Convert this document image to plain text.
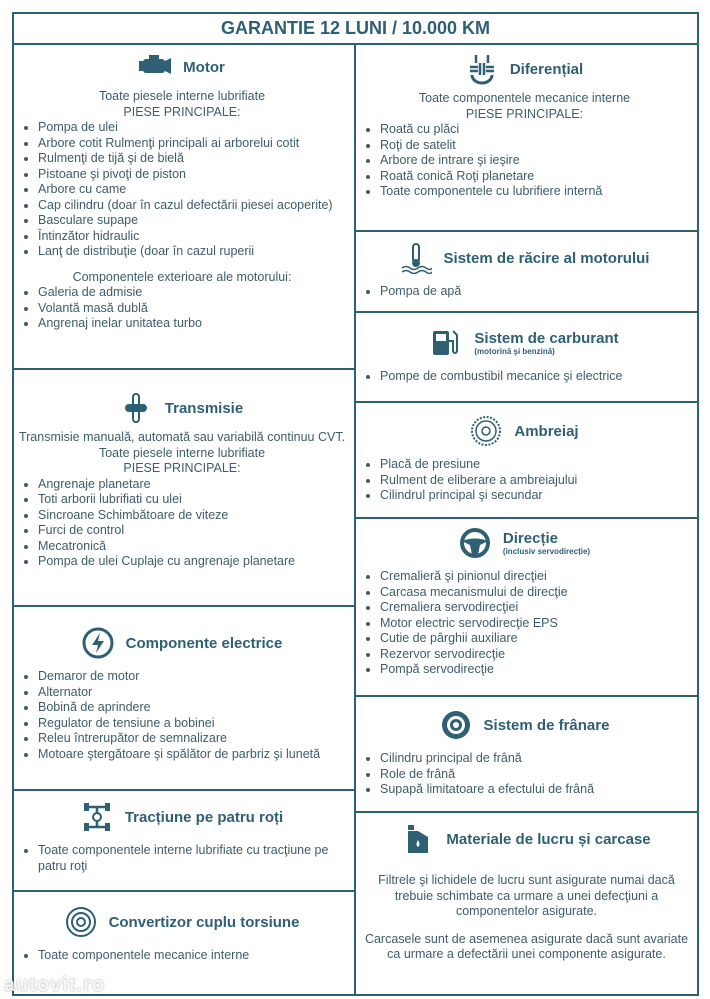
GARANTIE 12 LUNI / 10.000 KM
Motor
Toate piesele interne lubrifiate
PIESE PRINCIPALE:
• Pompa de ulei
• Arbore cotit Rulmenţi principali ai arborelui cotit
• Rulmenţi de tijă şi de bielă
• Pistoane şi pivoţi de piston
• Arbore cu came
• Cap cilindru (doar în cazul defectării piesei acoperite)
• Basculare supape
• Întinzător hidraulic
• Lanţ de distribuţie (doar în cazul ruperii
Componentele exterioare ale motorului:
• Galeria de admisie
• Volantă masă dublă
• Angrenaj inelar unitatea turbo
Transmisie
Transmisie manuală, automată sau variabilă continuu CVT.
Toate piesele interne lubrifiate
PIESE PRINCIPALE:
• Angrenaje planetare
• Toti arborii lubrifiati cu ulei
• Sincroane Schimbătoare de viteze
• Furci de control
• Mecatronică
• Pompa de ulei Cuplaje cu angrenaje planetare
Componente electrice
• Demaror de motor
• Alternator
• Bobină de aprindere
• Regulator de tensiune a bobinei
• Releu întrerupător de semnalizare
• Motoare ştergătoare şi spălător de parbriz şi lunetă
Tracțiune pe patru roți
• Toate componentele interne lubrifiate cu tracţiune pe patru roţi
Convertizor cuplu torsiune
• Toate componentele mecanice interne
Diferențial
Toate componentele mecanice interne
PIESE PRINCIPALE:
• Roată cu plăci
• Roţi de satelit
• Arbore de intrare şi ieşire
• Roată conică Roţi planetare
• Toate componentele cu lubrifiere internă
Sistem de răcire al motorului
• Pompa de apă
Sistem de carburant
(motorină şi benzină)
• Pompe de combustibil mecanice şi electrice
Ambreiaj
• Placă de presiune
• Rulment de eliberare a ambreiajului
• Cilindrul principal şi secundar
Direcție
(inclusiv servodirecție)
• Cremalieră şi pinionul direcţiei
• Carcasa mecanismului de direcţie
• Cremaliera servodirecţiei
• Motor electric servodirecţie EPS
• Cutie de pârghii auxiliare
• Rezervor servodirecţie
• Pompă servodirecţie
Sistem de frânare
• Cilindru principal de frână
• Role de frână
• Supapă limitatoare a efectului de frână
Materiale de lucru și carcase
Filtrele şi lichidele de lucru sunt asigurate numai dacă trebuie schimbate ca urmare a unei defecţiuni a componentelor asigurate.
Carcasele sunt de asemenea asigurate dacă sunt avariate ca urmare a defectării unei componente asigurate.
autovit.ro
